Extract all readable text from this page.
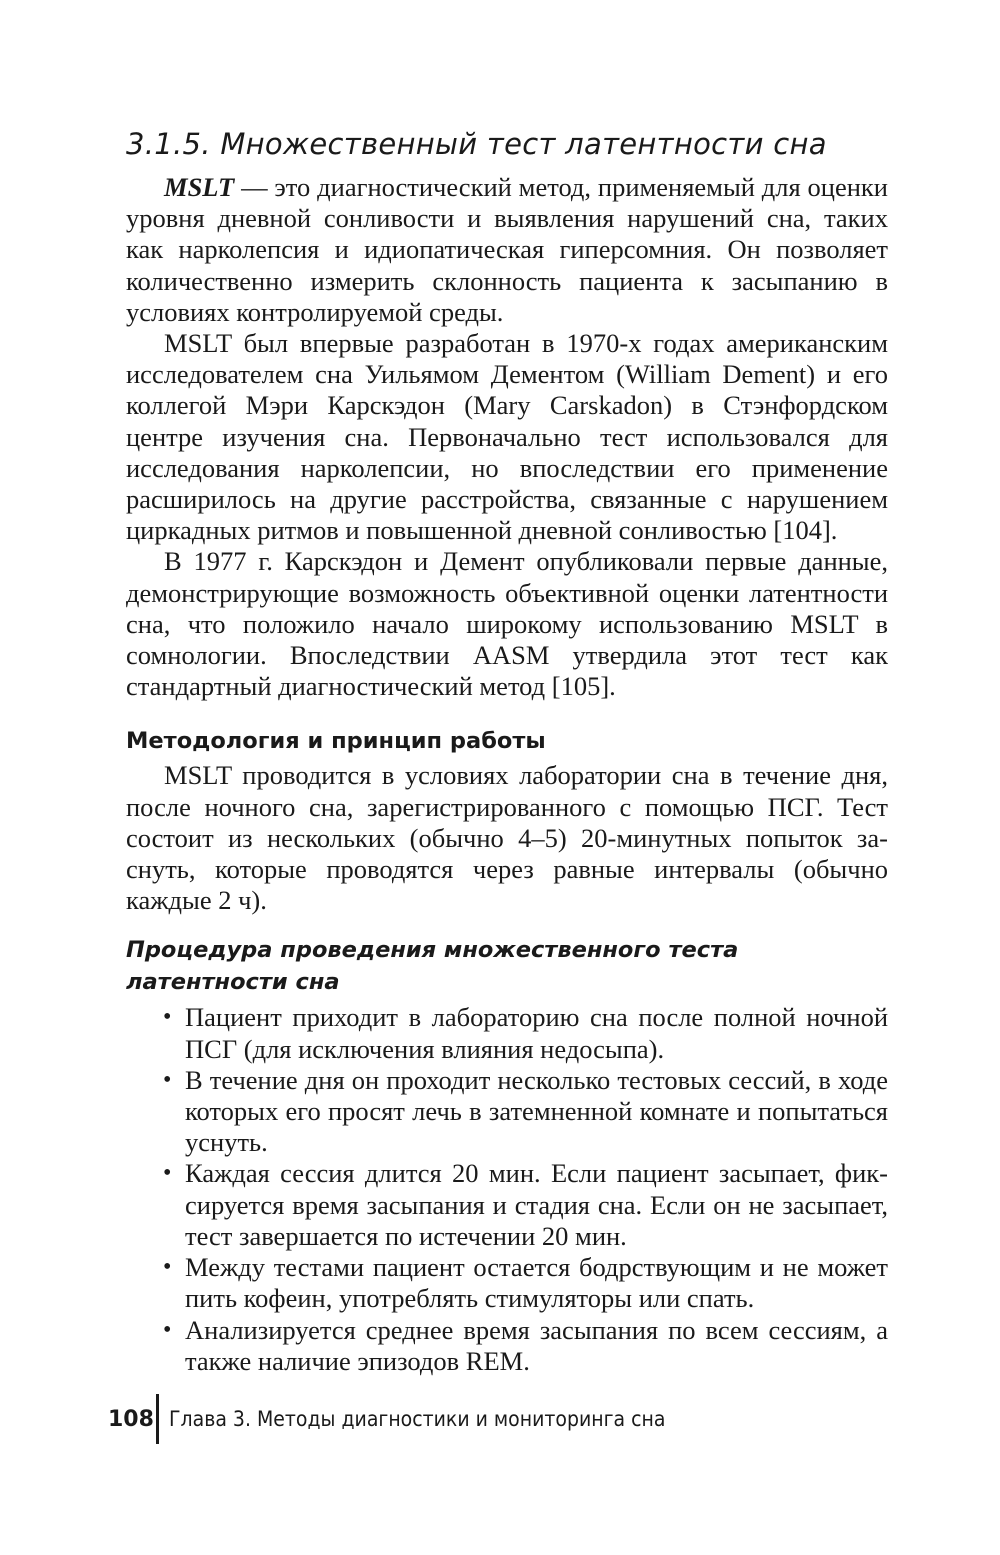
3.1.5. Множественный тест латентности сна

MSLT — это диагностический метод, применяемый для оценки уровня дневной сонливости и выявления нарушений сна, таких как нарколепсия и идиопатическая гиперсомния. Он позволяет количественно измерить склонность пациента к засыпанию в условиях контролируемой среды.

MSLT был впервые разработан в 1970-х годах американским исследователем сна Уильямом Дементом (William Dement) и его коллегой Мэри Карскэдон (Mary Carskadon) в Стэнфордском центре изучения сна. Первоначально тест использовался для исследования нарколепсии, но впоследствии его применение расширилось на другие расстройства, связанные с нарушением циркадных ритмов и повышенной дневной сонливостью [104].

В 1977 г. Карскэдон и Демент опубликовали первые данные, демонстрирующие возможность объективной оценки латентности сна, что положило начало широкому использованию MSLT в сомнологии. Впоследствии AASM утвердила этот тест как стандартный диагностический метод [105].

Методология и принцип работы

MSLT проводится в условиях лаборатории сна в течение дня, после ночного сна, зарегистрированного с помощью ПСГ. Тест состоит из нескольких (обычно 4–5) 20-минутных попыток заснуть, которые проводятся через равные интервалы (обычно каждые 2 ч).

Процедура проведения множественного теста латентности сна
• Пациент приходит в лабораторию сна после полной ночной ПСГ (для исключения влияния недосыпа).
• В течение дня он проходит несколько тестовых сессий, в ходе которых его просят лечь в затемненной комнате и попытаться уснуть.
• Каждая сессия длится 20 мин. Если пациент засыпает, фиксируется время засыпания и стадия сна. Если он не засыпает, тест завершается по истечении 20 мин.
• Между тестами пациент остается бодрствующим и не может пить кофеин, употреблять стимуляторы или спать.
• Анализируется среднее время засыпания по всем сессиям, а также наличие эпизодов REM.
108 Глава 3. Методы диагностики и мониторинга сна
